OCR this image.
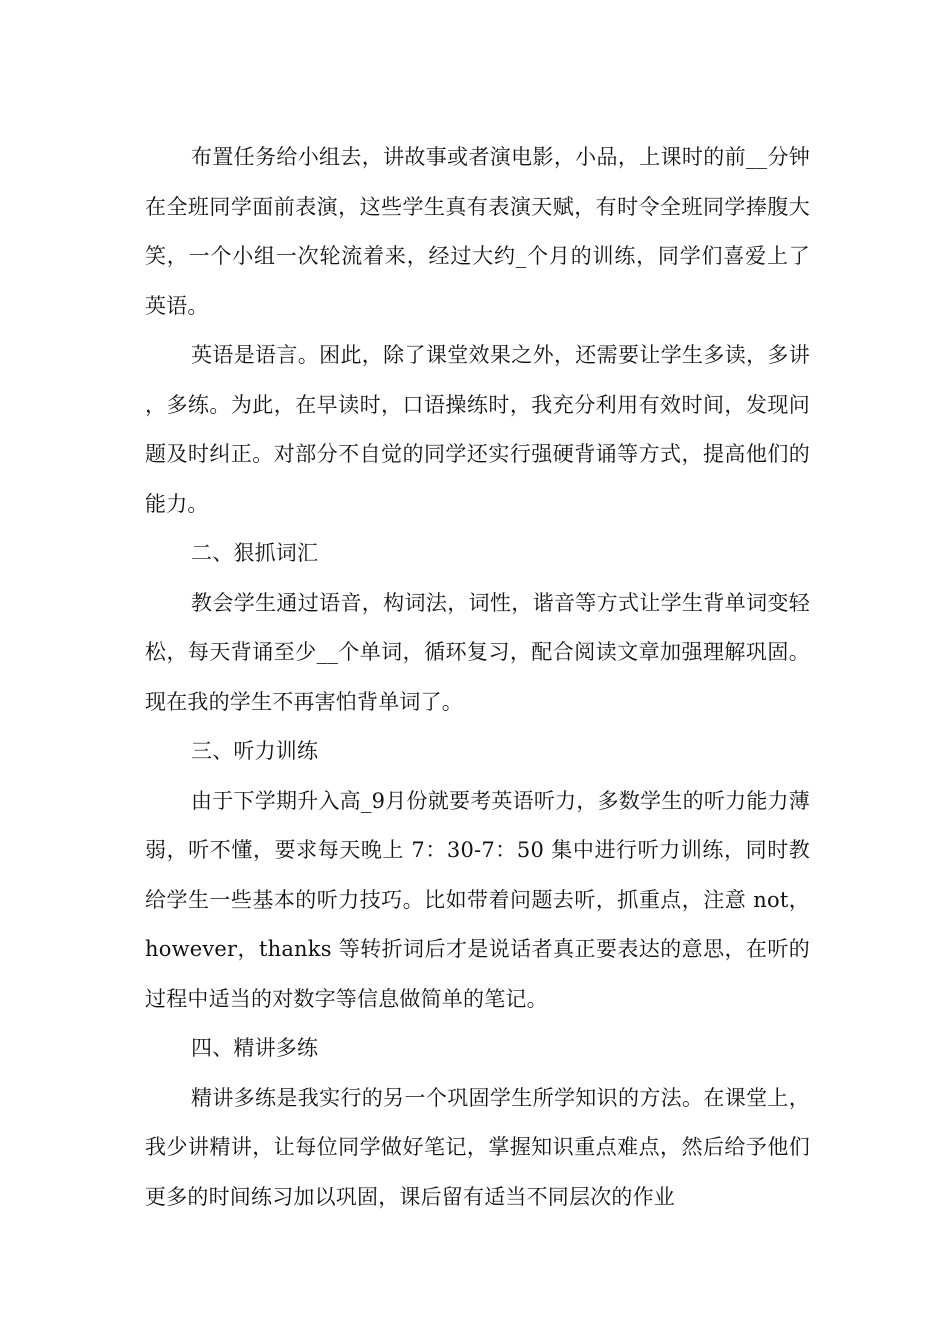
布置任务给小组去，讲故事或者演电影，小品，上课时的前__分钟在全班同学面前表演，这些学生真有表演天赋，有时令全班同学捧腹大笑，一个小组一次轮流着来，经过大约_个月的训练，同学们喜爱上了英语。

英语是语言。困此，除了课堂效果之外，还需要让学生多读，多讲，多练。为此，在早读时，口语操练时，我充分利用有效时间，发现问题及时纠正。对部分不自觉的同学还实行强硬背诵等方式，提高他们的能力。

二、狠抓词汇

教会学生通过语音，构词法，词性，谐音等方式让学生背单词变轻松，每天背诵至少__个单词，循环复习，配合阅读文章加强理解巩固。现在我的学生不再害怕背单词了。

三、听力训练

由于下学期升入高_9月份就要考英语听力，多数学生的听力能力薄弱，听不懂，要求每天晚上 7：30-7：50 集中进行听力训练，同时教给学生一些基本的听力技巧。比如带着问题去听，抓重点，注意 not，however，thanks 等转折词后才是说话者真正要表达的意思，在听的过程中适当的对数字等信息做简单的笔记。

四、精讲多练

精讲多练是我实行的另一个巩固学生所学知识的方法。在课堂上，我少讲精讲，让每位同学做好笔记，掌握知识重点难点，然后给予他们更多的时间练习加以巩固，课后留有适当不同层次的作业
